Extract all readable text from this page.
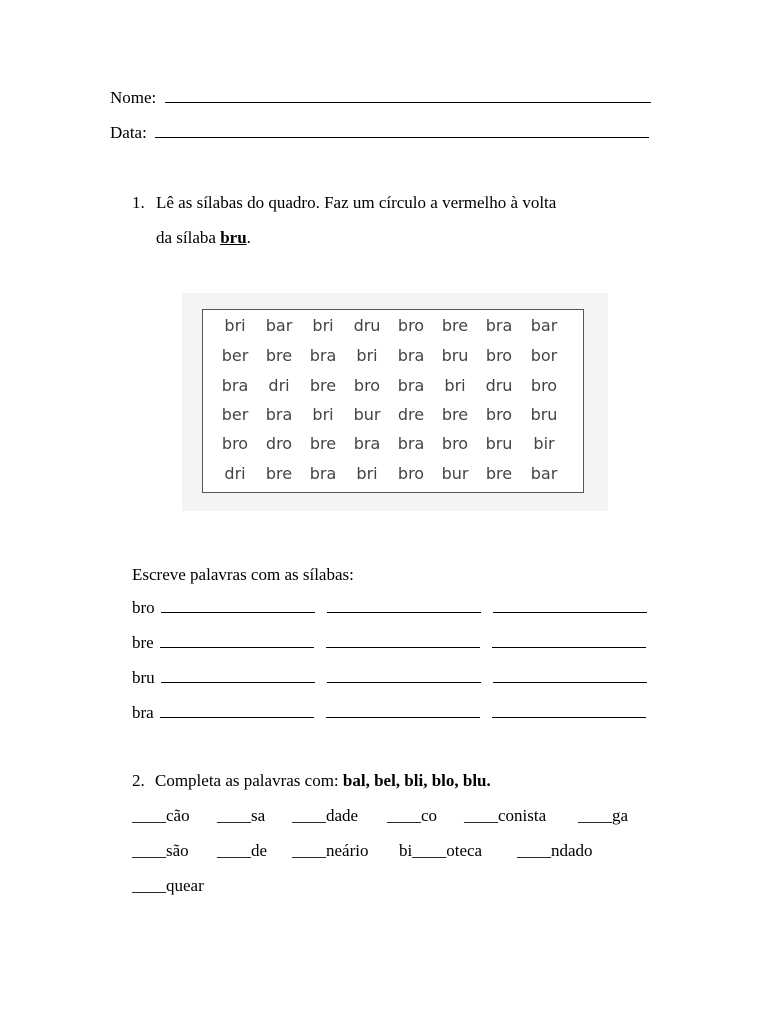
Nome:
Data:
1. Lê as sílabas do quadro. Faz um círculo a vermelho à volta
da sílaba bru.
bri bar bri dru bro bre bra bar
ber bre bra bri bra bru bro bor
bra dri bre bro bra bri dru bro
ber bra bri bur dre bre bro bru
bro dro bre bra bra bro bru bir
dri bre bra bri bro bur bre bar
Escreve palavras com as sílabas:
bro
bre
bru
bra
2. Completa as palavras com: bal, bel, bli, blo, blu.
____cão ____sa ____dade ____co ____conista ____ga
____são ____de ____neário bi____oteca ____ndado
____quear
